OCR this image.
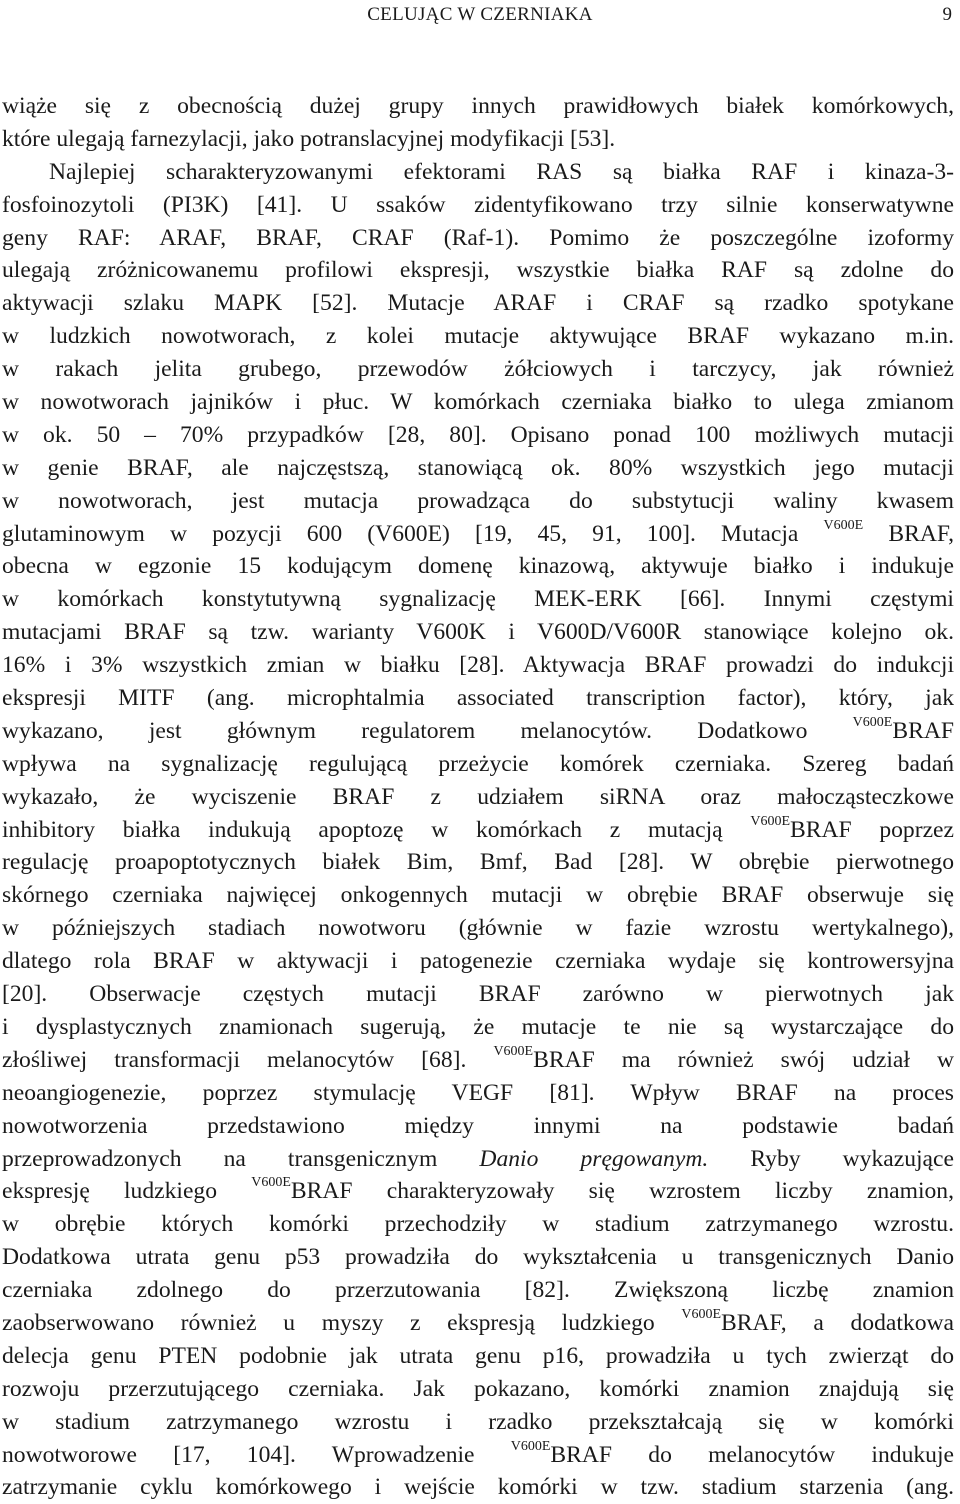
CELUJĄC W CZERNIAKA	9
wiąże się z obecnością dużej grupy innych prawidłowych białek komórkowych,
które ulegają farnezylacji, jako potranslacyjnej modyfikacji [53].
Najlepiej scharakteryzowanymi efektorami RAS są białka RAF i kinaza-3-
fosfoinozytoli (PI3K) [41]. U ssaków zidentyfikowano trzy silnie konserwatywne
geny RAF: ARAF, BRAF, CRAF (Raf-1). Pomimo że poszczególne izoformy
ulegają zróżnicowanemu profilowi ekspresji, wszystkie białka RAF są zdolne do
aktywacji szlaku MAPK [52]. Mutacje ARAF i CRAF są rzadko spotykane
w ludzkich nowotworach, z kolei mutacje aktywujące BRAF wykazano m.in.
w rakach jelita grubego, przewodów żółciowych i tarczycy, jak również
w nowotworach jajników i płuc. W komórkach czerniaka białko to ulega zmianom
w ok. 50 – 70% przypadków [28, 80]. Opisano ponad 100 możliwych mutacji
w genie BRAF, ale najczęstszą, stanowiącą ok. 80% wszystkich jego mutacji
w nowotworach, jest mutacja prowadząca do substytucji waliny kwasem
glutaminowym w pozycji 600 (V600E) [19, 45, 91, 100]. Mutacja $^{V600E}$ BRAF,
obecna w egzonie 15 kodującym domenę kinazową, aktywuje białko i indukuje
w komórkach konstytutywną sygnalizację MEK-ERK [66]. Innymi częstymi
mutacjami BRAF są tzw. warianty V600K i V600D/V600R stanowiące kolejno ok.
16% i 3% wszystkich zmian w białku [28]. Aktywacja BRAF prowadzi do indukcji
ekspresji MITF (ang. microphtalmia associated transcription factor), który, jak
wykazano, jest głównym regulatorem melanocytów. Dodatkowo	$^{V600E}$BRAF
wpływa na sygnalizację regulującą przeżycie komórek czerniaka. Szereg badań
wykazało, że wyciszenie BRAF z udziałem siRNA oraz małocząsteczkowe
inhibitory białka indukują apoptozę w komórkach z mutacją $^{V600E}$BRAF poprzez
regulację proapoptotycznych białek Bim, Bmf, Bad [28]. W obrębie pierwotnego
skórnego czerniaka najwięcej onkogennych mutacji w obrębie BRAF obserwuje się
w późniejszych stadiach nowotworu (głównie w fazie wzrostu wertykalnego),
dlatego rola BRAF w aktywacji i patogenezie czerniaka wydaje się kontrowersyjna
[20]. Obserwacje częstych mutacji BRAF zarówno w pierwotnych jak
i dysplastycznych znamionach sugerują, że mutacje te nie są wystarczające do
złośliwej transformacji melanocytów [68]. $^{V600E}$BRAF ma również swój udział w
neoangiogenezie, poprzez stymulację VEGF [81]. Wpływ BRAF na proces
nowotworzenia przedstawiono między innymi na podstawie badań
przeprowadzonych na transgenicznym Danio pręgowanym. Ryby wykazujące
ekspresję ludzkiego $^{V600E}$BRAF charakteryzowały się wzrostem liczby znamion,
w obrębie których komórki przechodziły w stadium zatrzymanego wzrostu.
Dodatkowa utrata genu p53 prowadziła do wykształcenia u transgenicznych Danio
czerniaka zdolnego do przerzutowania [82]. Zwiększoną liczbę znamion
zaobserwowano również u myszy z ekspresją ludzkiego $^{V600E}$BRAF, a dodatkowa
delecja genu PTEN podobnie jak utrata genu p16, prowadziła u tych zwierząt do
rozwoju przerzutującego czerniaka. Jak pokazano, komórki znamion znajdują się
w stadium zatrzymanego wzrostu i rzadko przekształcają się w komórki
nowotworowe [17, 104]. Wprowadzenie	$^{V600E}$BRAF do melanocytów indukuje
zatrzymanie cyklu komórkowego i wejście komórki w tzw. stadium starzenia (ang.
